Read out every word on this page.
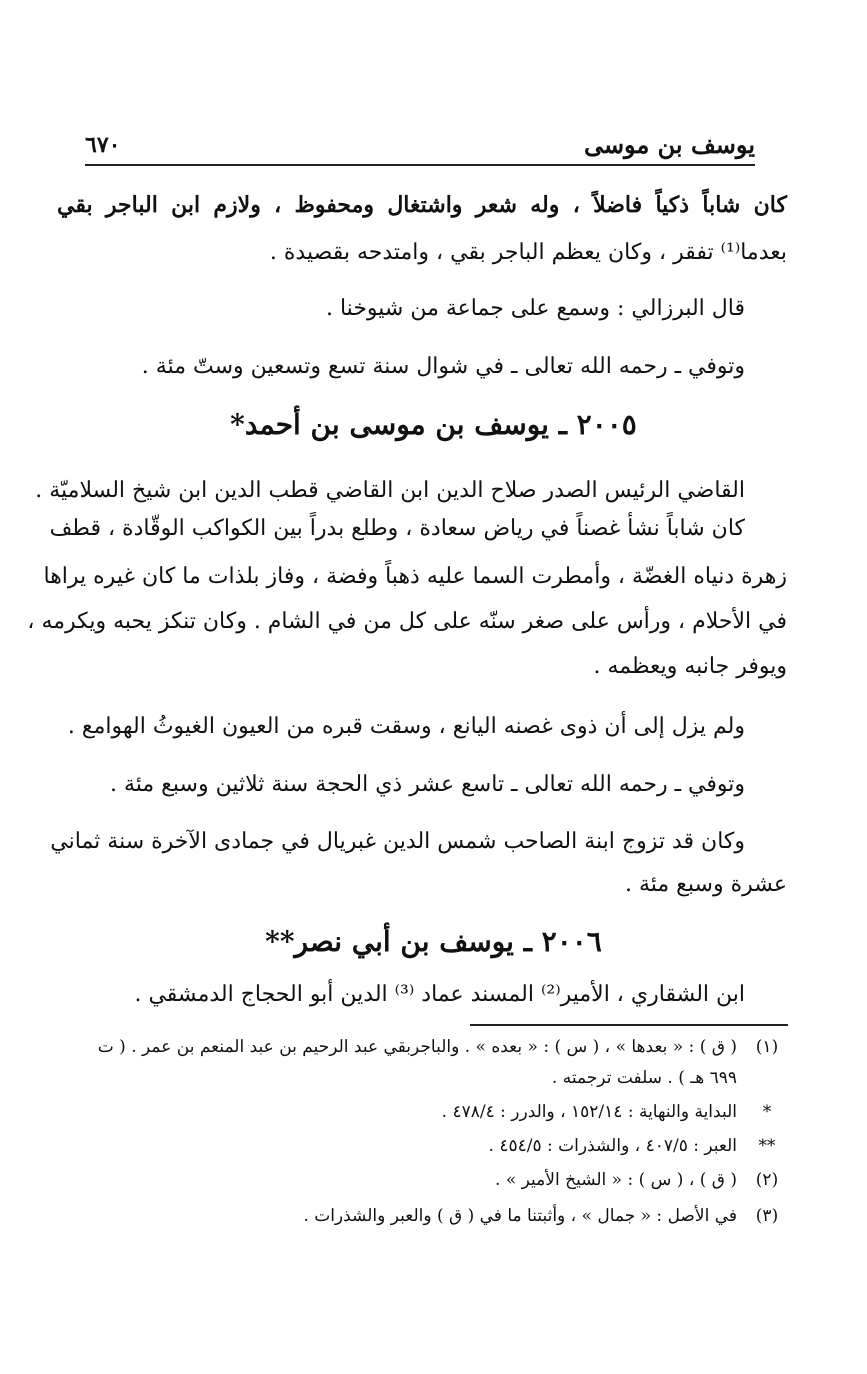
يوسف بن موسى
٦٧٠
كان شاباً ذكياً فاضلاً ، وله شعر واشتغال ومحفوظ ، ولازم ابن الباجر بقي
بعدما⁽¹⁾ تفقر ، وكان يعظم الباجر بقي ، وامتدحه بقصيدة .
قال البرزالي : وسمع على جماعة من شيوخنا .
وتوفي ـ رحمه الله تعالى ـ في شوال سنة تسع وتسعين وستّ مئة .
٢٠٠٥ ـ يوسف بن موسى بن أحمد*
القاضي الرئيس الصدر صلاح الدين ابن القاضي قطب الدين ابن شيخ السلاميّة .
كان شاباً نشأ غصناً في رياض سعادة ، وطلع بدراً بين الكواكب الوقّادة ، قطف
زهرة دنياه الغضّة ، وأمطرت السما عليه ذهباً وفضة ، وفاز بلذات ما كان غيره يراها
في الأحلام ، ورأس على صغر سنّه على كل من في الشام . وكان تنكز يحبه ويكرمه ،
ويوفر جانبه ويعظمه .
ولم يزل إلى أن ذوى غصنه اليانع ، وسقت قبره من العيون الغيوثُ الهوامع .
وتوفي ـ رحمه الله تعالى ـ تاسع عشر ذي الحجة سنة ثلاثين وسبع مئة .
وكان قد تزوج ابنة الصاحب شمس الدين غبريال في جمادى الآخرة سنة ثماني
عشرة وسبع مئة .
٢٠٠٦ ـ يوسف بن أبي نصر**
ابن الشقاري ، الأمير⁽²⁾ المسند عماد ⁽³⁾ الدين أبو الحجاج الدمشقي .
(١)
( ق ) : « بعدها » ، ( س ) : « بعده » . والباجربقي عبد الرحيم بن عبد المنعم بن عمر . ( ت
٦٩٩ هـ ) . سلفت ترجمته .
*
البداية والنهاية : ١٥٢/١٤ ، والدرر : ٤٧٨/٤ .
**
العبر : ٤٠٧/٥ ، والشذرات : ٤٥٤/٥ .
(٢)
( ق ) ، ( س ) : « الشيخ الأمير » .
(٣)
في الأصل : « جمال » ، وأثبتنا ما في ( ق ) والعبر والشذرات .
